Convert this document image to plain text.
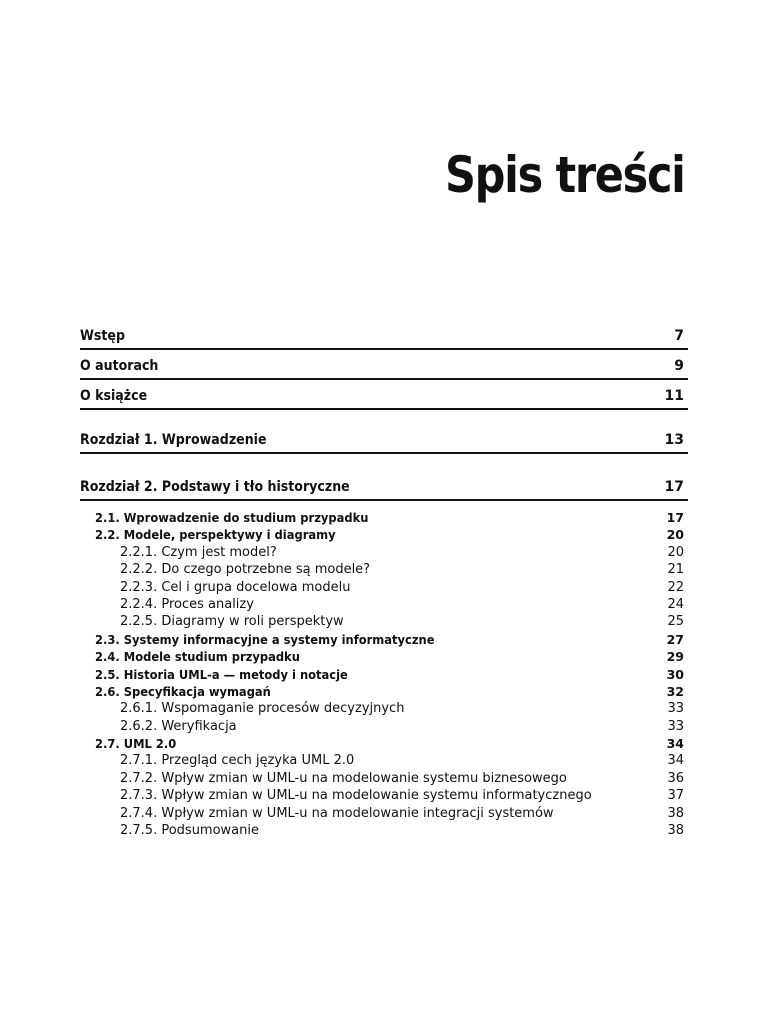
Spis treści
Wstęp	7
O autorach	9
O książce	11
Rozdział 1. Wprowadzenie	13
Rozdział 2. Podstawy i tło historyczne	17
2.1. Wprowadzenie do studium przypadku	17
2.2. Modele, perspektywy i diagramy	20
2.2.1. Czym jest model?	20
2.2.2. Do czego potrzebne są modele?	21
2.2.3. Cel i grupa docelowa modelu	22
2.2.4. Proces analizy	24
2.2.5. Diagramy w roli perspektyw	25
2.3. Systemy informacyjne a systemy informatyczne	27
2.4. Modele studium przypadku	29
2.5. Historia UML-a — metody i notacje	30
2.6. Specyfikacja wymagań	32
2.6.1. Wspomaganie procesów decyzyjnych	33
2.6.2. Weryfikacja	33
2.7. UML 2.0	34
2.7.1. Przegląd cech języka UML 2.0	34
2.7.2. Wpływ zmian w UML-u na modelowanie systemu biznesowego	36
2.7.3. Wpływ zmian w UML-u na modelowanie systemu informatycznego	37
2.7.4. Wpływ zmian w UML-u na modelowanie integracji systemów	38
2.7.5. Podsumowanie	38
